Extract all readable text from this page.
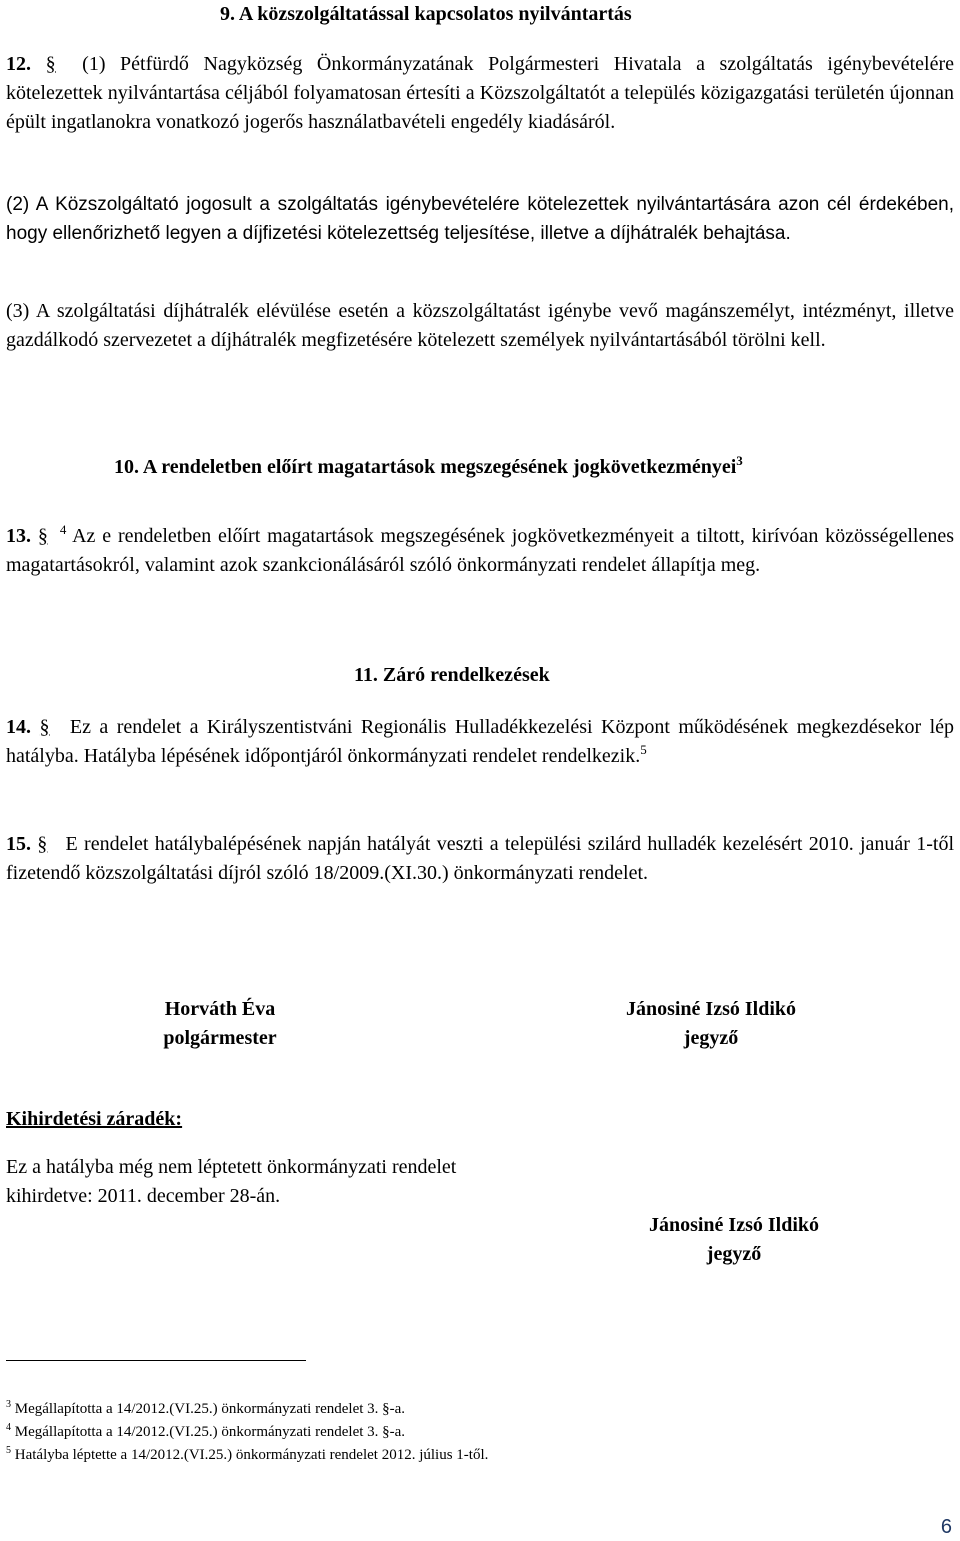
9. A közszolgáltatással kapcsolatos nyilvántartás
12. § (1) Pétfürdő Nagyközség Önkormányzatának Polgármesteri Hivatala a szolgáltatás igénybevételére kötelezettek nyilvántartása céljából folyamatosan értesíti a Közszolgáltatót a település közigazgatási területén újonnan épült ingatlanokra vonatkozó jogerős használatbavételi engedély kiadásáról.
(2) A Közszolgáltató jogosult a szolgáltatás igénybevételére kötelezettek nyilvántartására azon cél érdekében, hogy ellenőrizhető legyen a díjfizetési kötelezettség teljesítése, illetve a díjhátralék behajtása.
(3) A szolgáltatási díjhátralék elévülése esetén a közszolgáltatást igénybe vevő magánszemélyt, intézményt, illetve gazdálkodó szervezetet a díjhátralék megfizetésére kötelezett személyek nyilvántartásából törölni kell.
10. A rendeletben előírt magatartások megszegésének jogkövetkezményei$^3$
13. § $^4$ Az e rendeletben előírt magatartások megszegésének jogkövetkezményeit a tiltott, kirívóan közösségellenes magatartásokról, valamint azok szankcionálásáról szóló önkormányzati rendelet állapítja meg.
11. Záró rendelkezések
14. § Ez a rendelet a Királyszentistváni Regionális Hulladékkezelési Központ működésének megkezdésekor lép hatályba. Hatályba lépésének időpontjáról önkormányzati rendelet rendelkezik.$^5$
15. § E rendelet hatálybalépésének napján hatályát veszti a települési szilárd hulladék kezelésért 2010. január 1-től fizetendő közszolgáltatási díjról szóló 18/2009.(XI.30.) önkormányzati rendelet.
Horváth Éva
polgármester
Jánosiné Izsó Ildikó
jegyző
Kihirdetési záradék:
Ez a hatályba még nem léptetett önkormányzati rendelet
kihirdetve: 2011. december 28-án.
Jánosiné Izsó Ildikó
jegyző
$^3$ Megállapította a 14/2012.(VI.25.) önkormányzati rendelet 3. §-a.
$^4$ Megállapította a 14/2012.(VI.25.) önkormányzati rendelet 3. §-a.
$^5$ Hatályba léptette a 14/2012.(VI.25.) önkormányzati rendelet 2012. július 1-től.
6
